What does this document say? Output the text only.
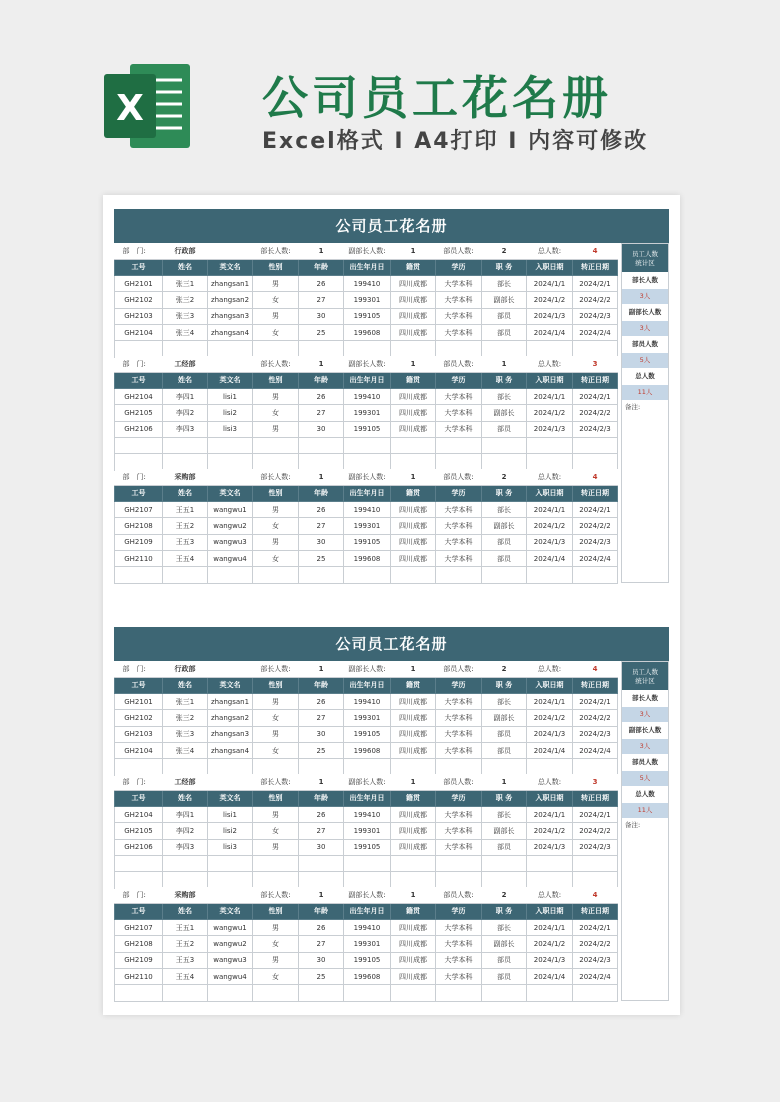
X	公司员工花名册
Excel格式 I A4打印 I 内容可修改
公司员工花名册
部　门:	行政部		部长人数:	1	副部长人数:	1	部员人数:	2	总人数:	4
工号	姓名	英文名	性别	年龄	出生年月日	籍贯	学历	职 务	入职日期	转正日期
GH2101	张三1	zhangsan1	男	26	199410	四川成都	大学本科	部长	2024/1/1	2024/2/1
GH2102	张三2	zhangsan2	女	27	199301	四川成都	大学本科	副部长	2024/1/2	2024/2/2
GH2103	张三3	zhangsan3	男	30	199105	四川成都	大学本科	部员	2024/1/3	2024/2/3
GH2104	张三4	zhangsan4	女	25	199608	四川成都	大学本科	部员	2024/1/4	2024/2/4

部　门:	工经部		部长人数:	1	副部长人数:	1	部员人数:	1	总人数:	3
工号	姓名	英文名	性别	年龄	出生年月日	籍贯	学历	职 务	入职日期	转正日期
GH2104	李四1	lisi1	男	26	199410	四川成都	大学本科	部长	2024/1/1	2024/2/1
GH2105	李四2	lisi2	女	27	199301	四川成都	大学本科	副部长	2024/1/2	2024/2/2
GH2106	李四3	lisi3	男	30	199105	四川成都	大学本科	部员	2024/1/3	2024/2/3

部　门:	采购部		部长人数:	1	副部长人数:	1	部员人数:	2	总人数:	4
工号	姓名	英文名	性别	年龄	出生年月日	籍贯	学历	职 务	入职日期	转正日期
GH2107	王五1	wangwu1	男	26	199410	四川成都	大学本科	部长	2024/1/1	2024/2/1
GH2108	王五2	wangwu2	女	27	199301	四川成都	大学本科	副部长	2024/1/2	2024/2/2
GH2109	王五3	wangwu3	男	30	199105	四川成都	大学本科	部员	2024/1/3	2024/2/3
GH2110	王五4	wangwu4	女	25	199608	四川成都	大学本科	部员	2024/1/4	2024/2/4

员工人数
统计区
部长人数
3人
副部长人数
3人
部员人数
5人
总人数
11人
备注:
公司员工花名册
部　门:	行政部		部长人数:	1	副部长人数:	1	部员人数:	2	总人数:	4
工号	姓名	英文名	性别	年龄	出生年月日	籍贯	学历	职 务	入职日期	转正日期
GH2101	张三1	zhangsan1	男	26	199410	四川成都	大学本科	部长	2024/1/1	2024/2/1
GH2102	张三2	zhangsan2	女	27	199301	四川成都	大学本科	副部长	2024/1/2	2024/2/2
GH2103	张三3	zhangsan3	男	30	199105	四川成都	大学本科	部员	2024/1/3	2024/2/3
GH2104	张三4	zhangsan4	女	25	199608	四川成都	大学本科	部员	2024/1/4	2024/2/4

部　门:	工经部		部长人数:	1	副部长人数:	1	部员人数:	1	总人数:	3
工号	姓名	英文名	性别	年龄	出生年月日	籍贯	学历	职 务	入职日期	转正日期
GH2104	李四1	lisi1	男	26	199410	四川成都	大学本科	部长	2024/1/1	2024/2/1
GH2105	李四2	lisi2	女	27	199301	四川成都	大学本科	副部长	2024/1/2	2024/2/2
GH2106	李四3	lisi3	男	30	199105	四川成都	大学本科	部员	2024/1/3	2024/2/3

部　门:	采购部		部长人数:	1	副部长人数:	1	部员人数:	2	总人数:	4
工号	姓名	英文名	性别	年龄	出生年月日	籍贯	学历	职 务	入职日期	转正日期
GH2107	王五1	wangwu1	男	26	199410	四川成都	大学本科	部长	2024/1/1	2024/2/1
GH2108	王五2	wangwu2	女	27	199301	四川成都	大学本科	副部长	2024/1/2	2024/2/2
GH2109	王五3	wangwu3	男	30	199105	四川成都	大学本科	部员	2024/1/3	2024/2/3
GH2110	王五4	wangwu4	女	25	199608	四川成都	大学本科	部员	2024/1/4	2024/2/4

员工人数
统计区
部长人数
3人
副部长人数
3人
部员人数
5人
总人数
11人
备注:
